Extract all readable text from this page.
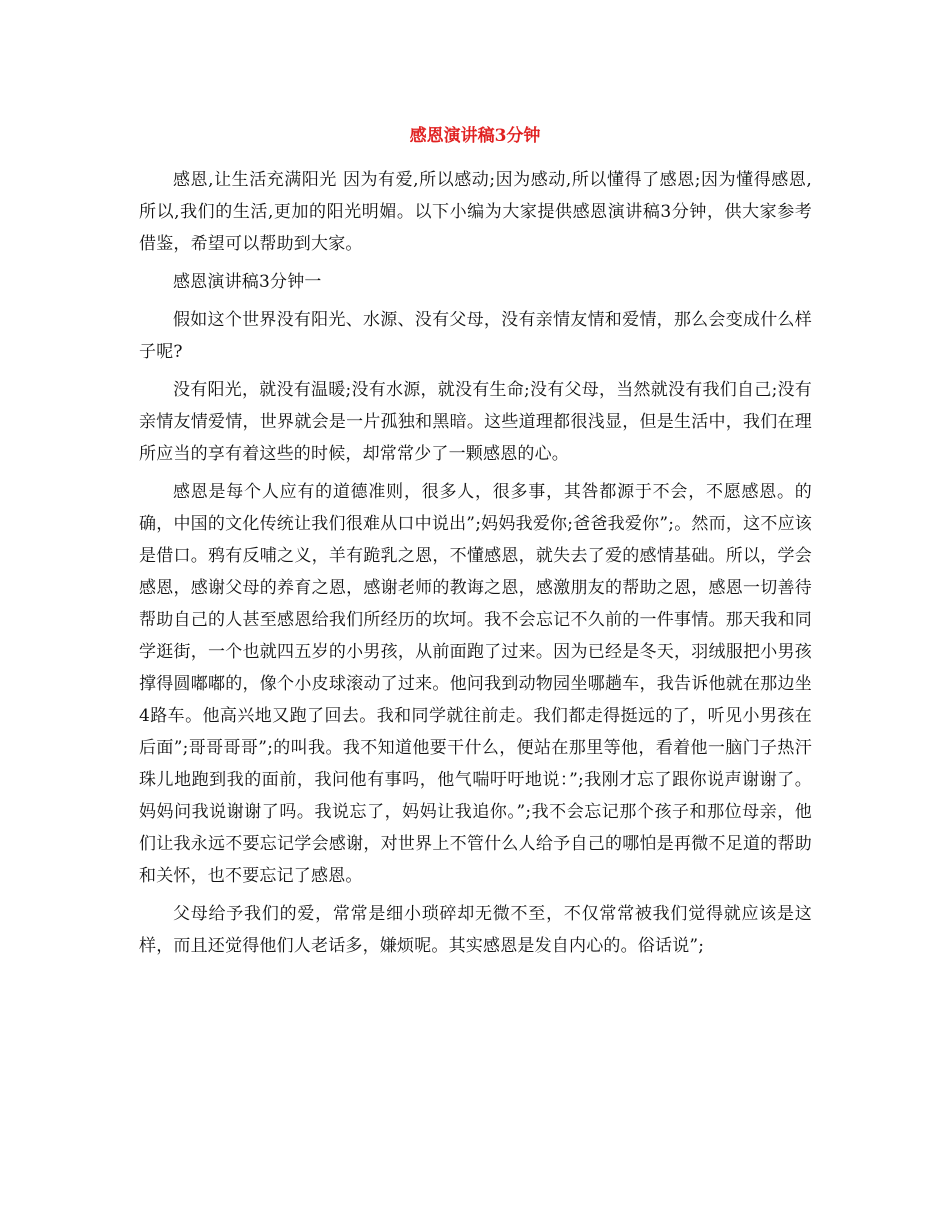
感恩演讲稿3分钟

感恩,让生活充满阳光 因为有爱,所以感动;因为感动,所以懂得了感恩;因为懂得感恩,所以,我们的生活,更加的阳光明媚。以下小编为大家提供感恩演讲稿3分钟，供大家参考借鉴，希望可以帮助到大家。

感恩演讲稿3分钟一

假如这个世界没有阳光、水源、没有父母，没有亲情友情和爱情，那么会变成什么样子呢?

没有阳光，就没有温暖;没有水源，就没有生命;没有父母，当然就没有我们自己;没有亲情友情爱情，世界就会是一片孤独和黑暗。这些道理都很浅显，但是生活中，我们在理所应当的享有着这些的时候，却常常少了一颗感恩的心。

感恩是每个人应有的道德准则，很多人，很多事，其咎都源于不会，不愿感恩。的确，中国的文化传统让我们很难从口中说出”;妈妈我爱你;爸爸我爱你”;。然而，这不应该是借口。鸦有反哺之义，羊有跪乳之恩，不懂感恩，就失去了爱的感情基础。所以，学会感恩，感谢父母的养育之恩，感谢老师的教诲之恩，感激朋友的帮助之恩，感恩一切善待帮助自己的人甚至感恩给我们所经历的坎坷。我不会忘记不久前的一件事情。那天我和同学逛街，一个也就四五岁的小男孩，从前面跑了过来。因为已经是冬天，羽绒服把小男孩撑得圆嘟嘟的，像个小皮球滚动了过来。他问我到动物园坐哪趟车，我告诉他就在那边坐4路车。他高兴地又跑了回去。我和同学就往前走。我们都走得挺远的了，听见小男孩在后面”;哥哥哥哥”;的叫我。我不知道他要干什么，便站在那里等他，看着他一脑门子热汗珠儿地跑到我的面前，我问他有事吗，他气喘吁吁地说：”;我刚才忘了跟你说声谢谢了。妈妈问我说谢谢了吗。我说忘了，妈妈让我追你。”;我不会忘记那个孩子和那位母亲，他们让我永远不要忘记学会感谢，对世界上不管什么人给予自己的哪怕是再微不足道的帮助和关怀，也不要忘记了感恩。

父母给予我们的爱，常常是细小琐碎却无微不至，不仅常常被我们觉得就应该是这样，而且还觉得他们人老话多，嫌烦呢。其实感恩是发自内心的。俗话说”;
